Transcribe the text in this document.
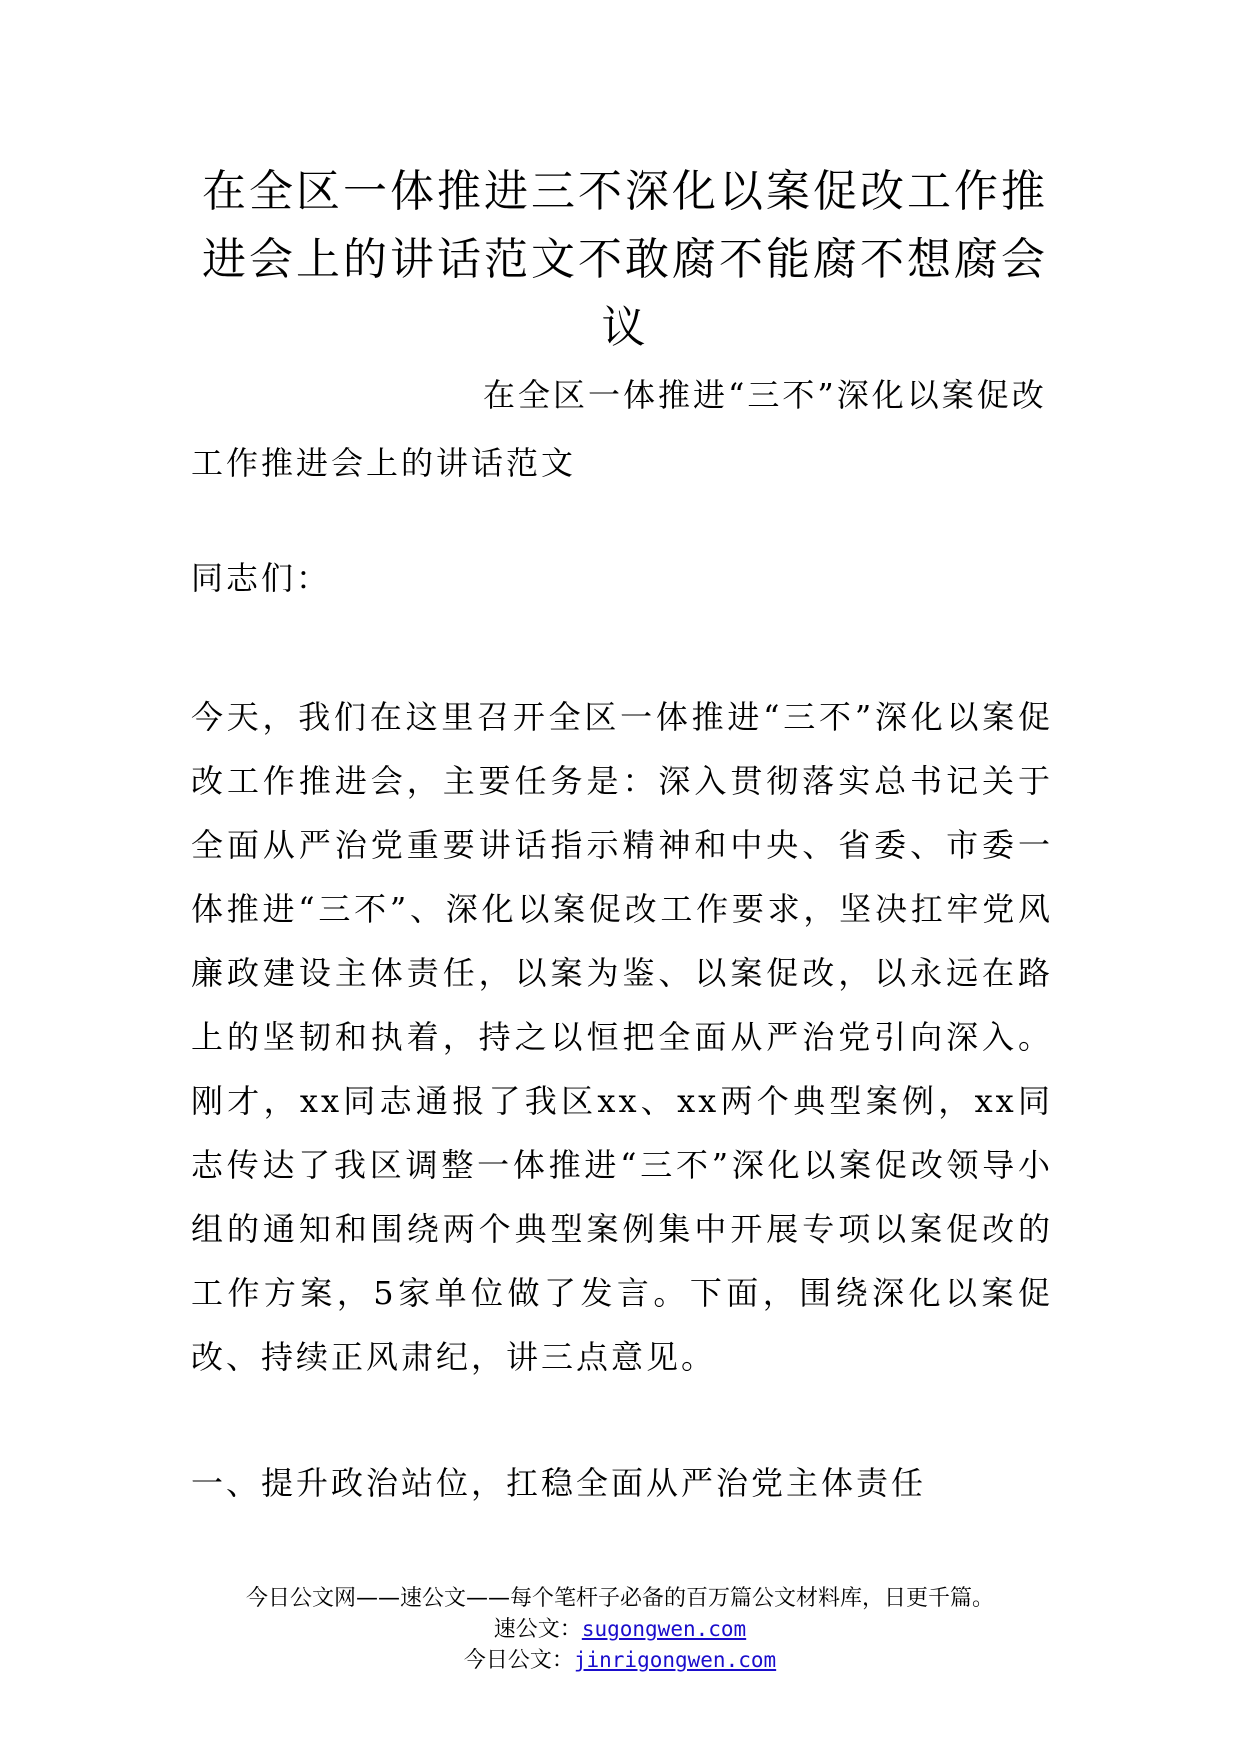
在全区一体推进三不深化以案促改工作推进会上的讲话范文不敢腐不能腐不想腐会议

在全区一体推进“三不”深化以案促改工作推进会上的讲话范文

同志们：

今天，我们在这里召开全区一体推进“三不”深化以案促改工作推进会，主要任务是：深入贯彻落实总书记关于全面从严治党重要讲话指示精神和中央、省委、市委一体推进“三不”、深化以案促改工作要求，坚决扛牢党风廉政建设主体责任，以案为鉴、以案促改，以永远在路上的坚韧和执着，持之以恒把全面从严治党引向深入。刚才，xx同志通报了我区xx、xx两个典型案例，xx同志传达了我区调整一体推进“三不”深化以案促改领导小组的通知和围绕两个典型案例集中开展专项以案促改的工作方案，5家单位做了发言。下面，围绕深化以案促改、持续正风肃纪，讲三点意见。

一、提升政治站位，扛稳全面从严治党主体责任
今日公文网——速公文——每个笔杆子必备的百万篇公文材料库，日更千篇。
速公文：sugongwen.com
今日公文：jinrigongwen.com
